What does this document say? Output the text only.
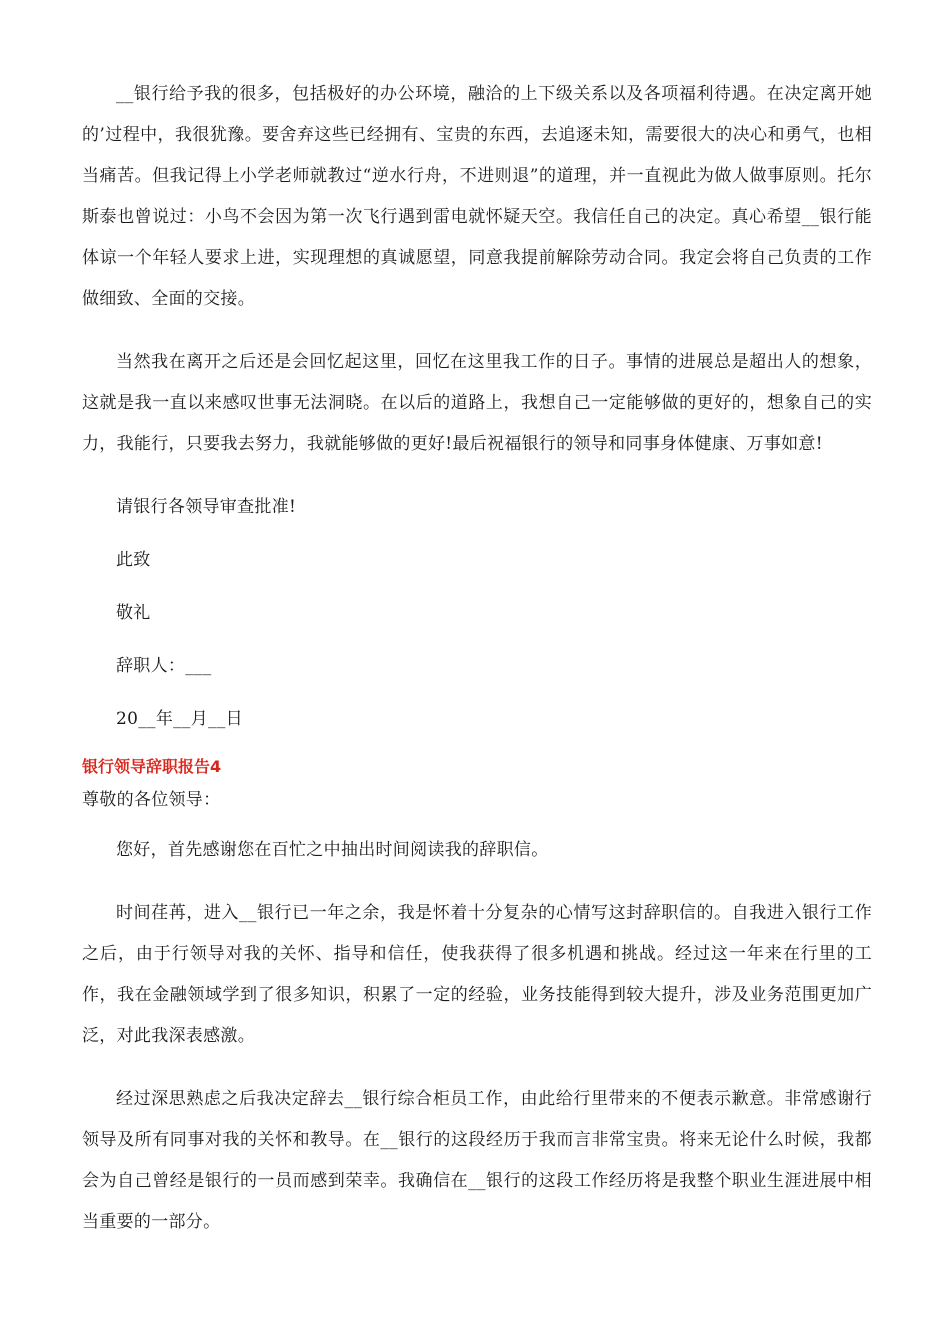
__银行给予我的很多，包括极好的办公环境，融洽的上下级关系以及各项福利待遇。在决定离开她的’过程中，我很犹豫。要舍弃这些已经拥有、宝贵的东西，去追逐未知，需要很大的决心和勇气，也相当痛苦。但我记得上小学老师就教过“逆水行舟，不进则退”的道理，并一直视此为做人做事原则。托尔斯泰也曾说过：小鸟不会因为第一次飞行遇到雷电就怀疑天空。我信任自己的决定。真心希望__银行能体谅一个年轻人要求上进，实现理想的真诚愿望，同意我提前解除劳动合同。我定会将自己负责的工作做细致、全面的交接。

当然我在离开之后还是会回忆起这里，回忆在这里我工作的日子。事情的进展总是超出人的想象，这就是我一直以来感叹世事无法洞晓。在以后的道路上，我想自己一定能够做的更好的，想象自己的实力，我能行，只要我去努力，我就能够做的更好!最后祝福银行的领导和同事身体健康、万事如意!

请银行各领导审查批准!

此致

敬礼

辞职人：___

20__年__月__日

银行领导辞职报告4

尊敬的各位领导：

您好，首先感谢您在百忙之中抽出时间阅读我的辞职信。

时间荏苒，进入__银行已一年之余，我是怀着十分复杂的心情写这封辞职信的。自我进入银行工作之后，由于行领导对我的关怀、指导和信任，使我获得了很多机遇和挑战。经过这一年来在行里的工作，我在金融领域学到了很多知识，积累了一定的经验，业务技能得到较大提升，涉及业务范围更加广泛，对此我深表感激。

经过深思熟虑之后我决定辞去__银行综合柜员工作，由此给行里带来的不便表示歉意。非常感谢行领导及所有同事对我的关怀和教导。在__银行的这段经历于我而言非常宝贵。将来无论什么时候，我都会为自己曾经是银行的一员而感到荣幸。我确信在__银行的这段工作经历将是我整个职业生涯进展中相当重要的一部分。
